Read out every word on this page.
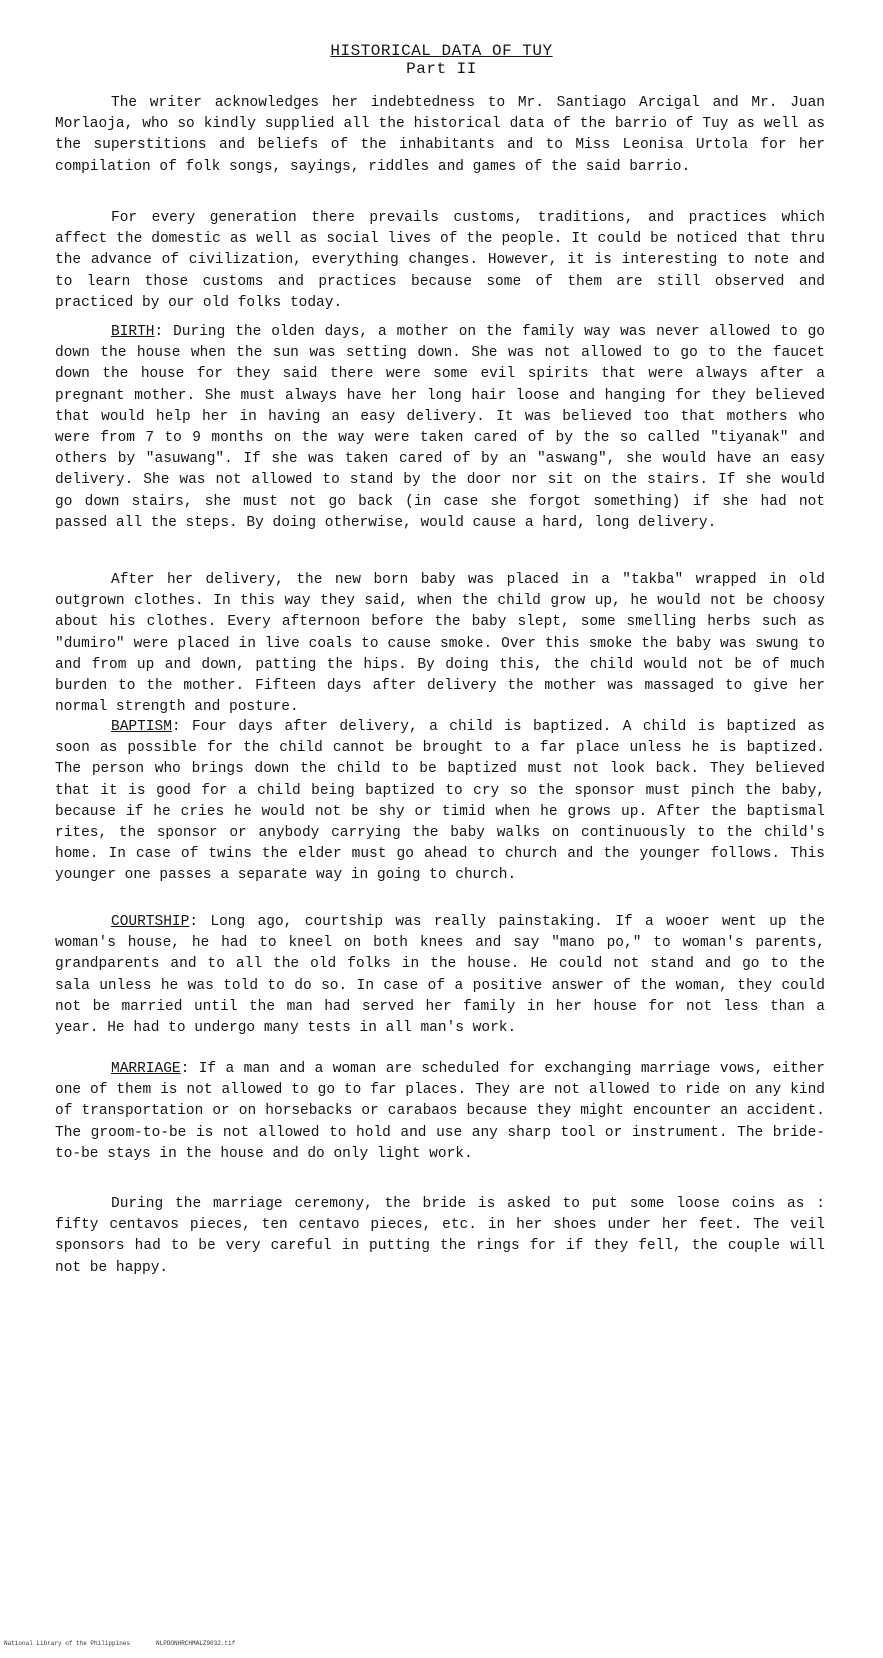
HISTORICAL DATA OF TUY
Part II

The writer acknowledges her indebtedness to Mr. Santiago Arcigal and Mr. Juan Morlaoja, who so kindly supplied all the historical data of the barrio of Tuy as well as the superstitions and beliefs of the inhabitants and to Miss Leonisa Urtola for her compilation of folk songs, sayings, riddles and games of the said barrio.

For every generation there prevails customs, traditions, and practices which affect the domestic as well as social lives of the people. It could be noticed that thru the advance of civilization, everything changes. However, it is interesting to note and to learn those customs and practices because some of them are still observed and practiced by our old folks today.

BIRTH: During the olden days, a mother on the family way was never allowed to go down the house when the sun was setting down. She was not allowed to go to the faucet down the house for they said there were some evil spirits that were always after a pregnant mother. She must always have her long hair loose and hanging for they believed that would help her in having an easy delivery. It was believed too that mothers who were from 7 to 9 months on the way were taken cared of by the so called "tiyanak" and others by "asuwang". If she was taken cared of by an "aswang", she would have an easy delivery. She was not allowed to stand by the door nor sit on the stairs. If she would go down stairs, she must not go back (in case she forgot something) if she had not passed all the steps. By doing otherwise, would cause a hard, long delivery.

After her delivery, the new born baby was placed in a "takba" wrapped in old outgrown clothes. In this way they said, when the child grow up, he would not be choosy about his clothes. Every afternoon before the baby slept, some smelling herbs such as "dumiro" were placed in live coals to cause smoke. Over this smoke the baby was swung to and from up and down, patting the hips. By doing this, the child would not be of much burden to the mother. Fifteen days after delivery the mother was massaged to give her normal strength and posture.

BAPTISM: Four days after delivery, a child is baptized. A child is baptized as soon as possible for the child cannot be brought to a far place unless he is baptized. The person who brings down the child to be baptized must not look back. They believed that it is good for a child being baptized to cry so the sponsor must pinch the baby, because if he cries he would not be shy or timid when he grows up. After the baptismal rites, the sponsor or anybody carrying the baby walks on continuously to the child's home. In case of twins the elder must go ahead to church and the younger follows. This younger one passes a separate way in going to church.

COURTSHIP: Long ago, courtship was really painstaking. If a wooer went up the woman's house, he had to kneel on both knees and say "mano po," to woman's parents, grandparents and to all the old folks in the house. He could not stand and go to the sala unless he was told to do so. In case of a positive answer of the woman, they could not be married until the man had served her family in her house for not less than a year. He had to undergo many tests in all man's work.

MARRIAGE: If a man and a woman are scheduled for exchanging marriage vows, either one of them is not allowed to go to far places. They are not allowed to ride on any kind of transportation or on horsebacks or carabaos because they might encounter an accident. The groom-to-be is not allowed to hold and use any sharp tool or instrument. The bride-to-be stays in the house and do only light work.

During the marriage ceremony, the bride is asked to put some loose coins as : fifty centavos pieces, ten centavo pieces, etc. in her shoes under her feet. The veil sponsors had to be very careful in putting the rings for if they fell, the couple will not be happy.

National Library of the Philippines	NLPDONHRCHMALZ9032.tif
